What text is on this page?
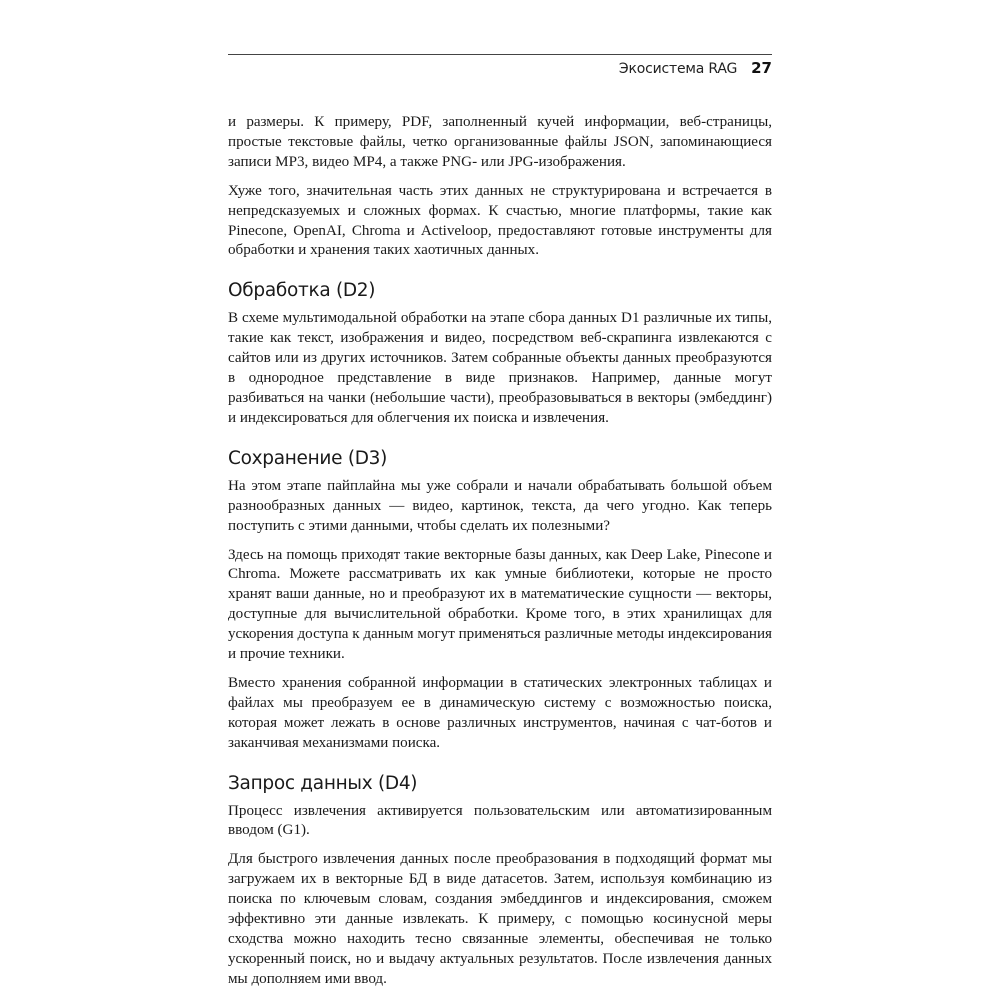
Экосистема RAG 27

и размеры. К примеру, PDF, заполненный кучей информации, веб-страницы, простые текстовые файлы, четко организованные файлы JSON, запоминающиеся записи MP3, видео MP4, а также PNG- или JPG-изображения.

Хуже того, значительная часть этих данных не структурирована и встречается в непредсказуемых и сложных формах. К счастью, многие платформы, такие как Pinecone, OpenAI, Chroma и Activeloop, предоставляют готовые инструменты для обработки и хранения таких хаотичных данных.

Обработка (D2)

В схеме мультимодальной обработки на этапе сбора данных D1 различные их типы, такие как текст, изображения и видео, посредством веб-скрапинга извлекаются с сайтов или из других источников. Затем собранные объекты данных преобразуются в однородное представление в виде признаков. Например, данные могут разбиваться на чанки (небольшие части), преобразовываться в векторы (эмбеддинг) и индексироваться для облегчения их поиска и извлечения.

Сохранение (D3)

На этом этапе пайплайна мы уже собрали и начали обрабатывать большой объем разнообразных данных — видео, картинок, текста, да чего угодно. Как теперь поступить с этими данными, чтобы сделать их полезными?

Здесь на помощь приходят такие векторные базы данных, как Deep Lake, Pinecone и Chroma. Можете рассматривать их как умные библиотеки, которые не просто хранят ваши данные, но и преобразуют их в математические сущности — векторы, доступные для вычислительной обработки. Кроме того, в этих хранилищах для ускорения доступа к данным могут применяться различные методы индексирования и прочие техники.

Вместо хранения собранной информации в статических электронных таблицах и файлах мы преобразуем ее в динамическую систему с возможностью поиска, которая может лежать в основе различных инструментов, начиная с чат-ботов и заканчивая механизмами поиска.

Запрос данных (D4)

Процесс извлечения активируется пользовательским или автоматизированным вводом (G1).

Для быстрого извлечения данных после преобразования в подходящий формат мы загружаем их в векторные БД в виде датасетов. Затем, используя комбинацию из поиска по ключевым словам, создания эмбеддингов и индексирования, сможем эффективно эти данные извлекать. К примеру, с помощью косинусной меры сходства можно находить тесно связанные элементы, обеспечивая не только ускоренный поиск, но и выдачу актуальных результатов. После извлечения данных мы дополняем ими ввод.
